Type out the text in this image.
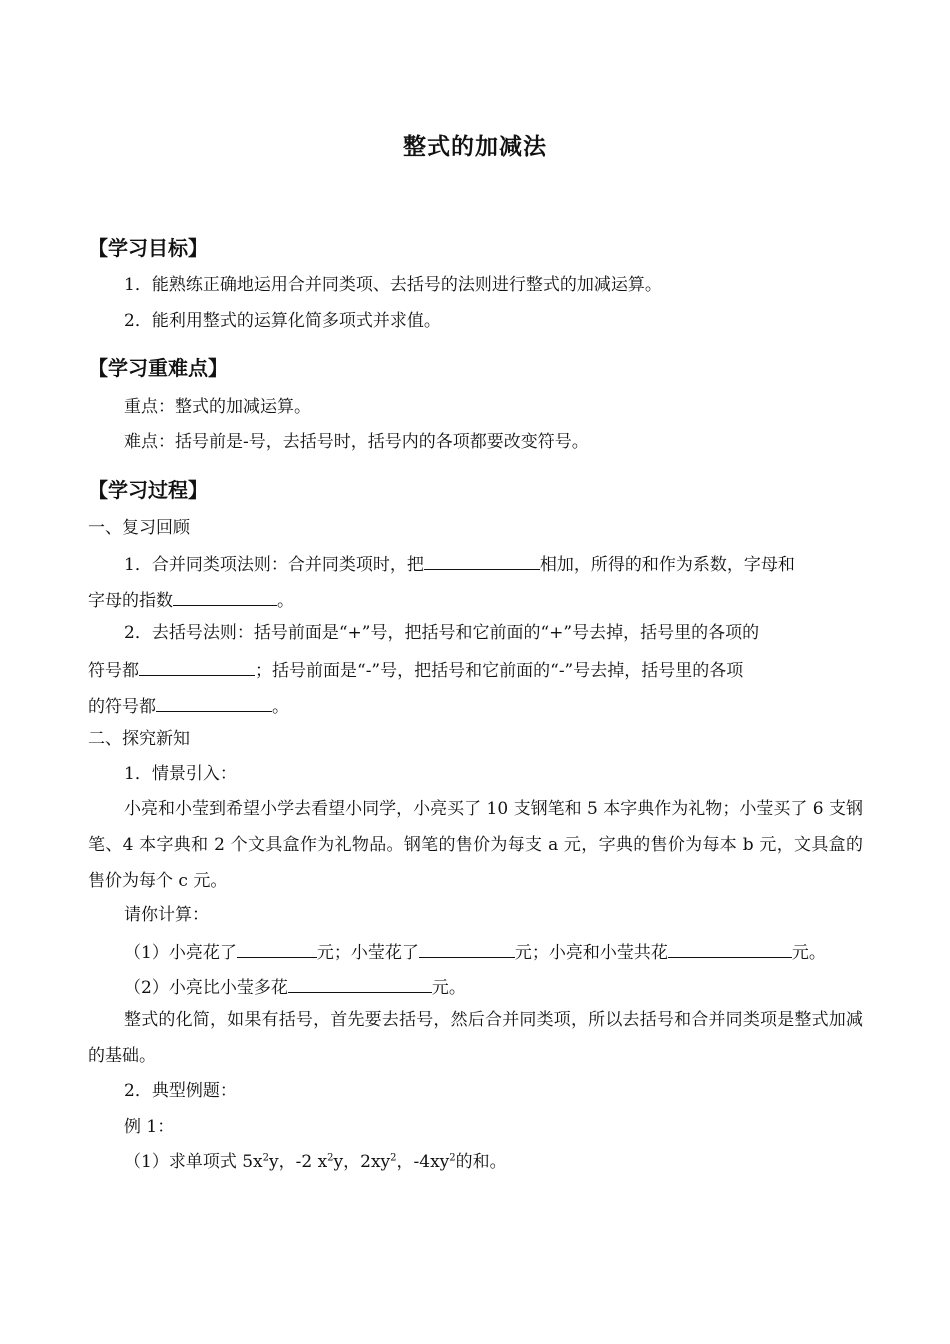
整式的加减法
【学习目标】
1．能熟练正确地运用合并同类项、去括号的法则进行整式的加减运算。
2．能利用整式的运算化简多项式并求值。
【学习重难点】
重点：整式的加减运算。
难点：括号前是-号，去括号时，括号内的各项都要改变符号。
【学习过程】
一、复习回顾
1．合并同类项法则：合并同类项时，把	相加，所得的和作为系数，字母和
字母的指数	。
2．去括号法则：括号前面是“+”号，把括号和它前面的“+”号去掉，括号里的各项的
符号都	；括号前面是“-”号，把括号和它前面的“-”号去掉，括号里的各项
的符号都	。
二、探究新知
1．情景引入：
小亮和小莹到希望小学去看望小同学，小亮买了 10 支钢笔和 5 本字典作为礼物；小莹买了 6 支钢笔、4 本字典和 2 个文具盒作为礼物品。钢笔的售价为每支 a 元，字典的售价为每本 b 元，文具盒的售价为每个 c 元。
请你计算：
（1）小亮花了	元；小莹花了	元；小亮和小莹共花	元。
（2）小亮比小莹多花	元。
整式的化简，如果有括号，首先要去括号，然后合并同类项，所以去括号和合并同类项是整式加减的基础。
2．典型例题：
例 1：
（1）求单项式 $5x^2y$，-2 $x^2y$，$2xy^2$，$-4xy^2$的和。
